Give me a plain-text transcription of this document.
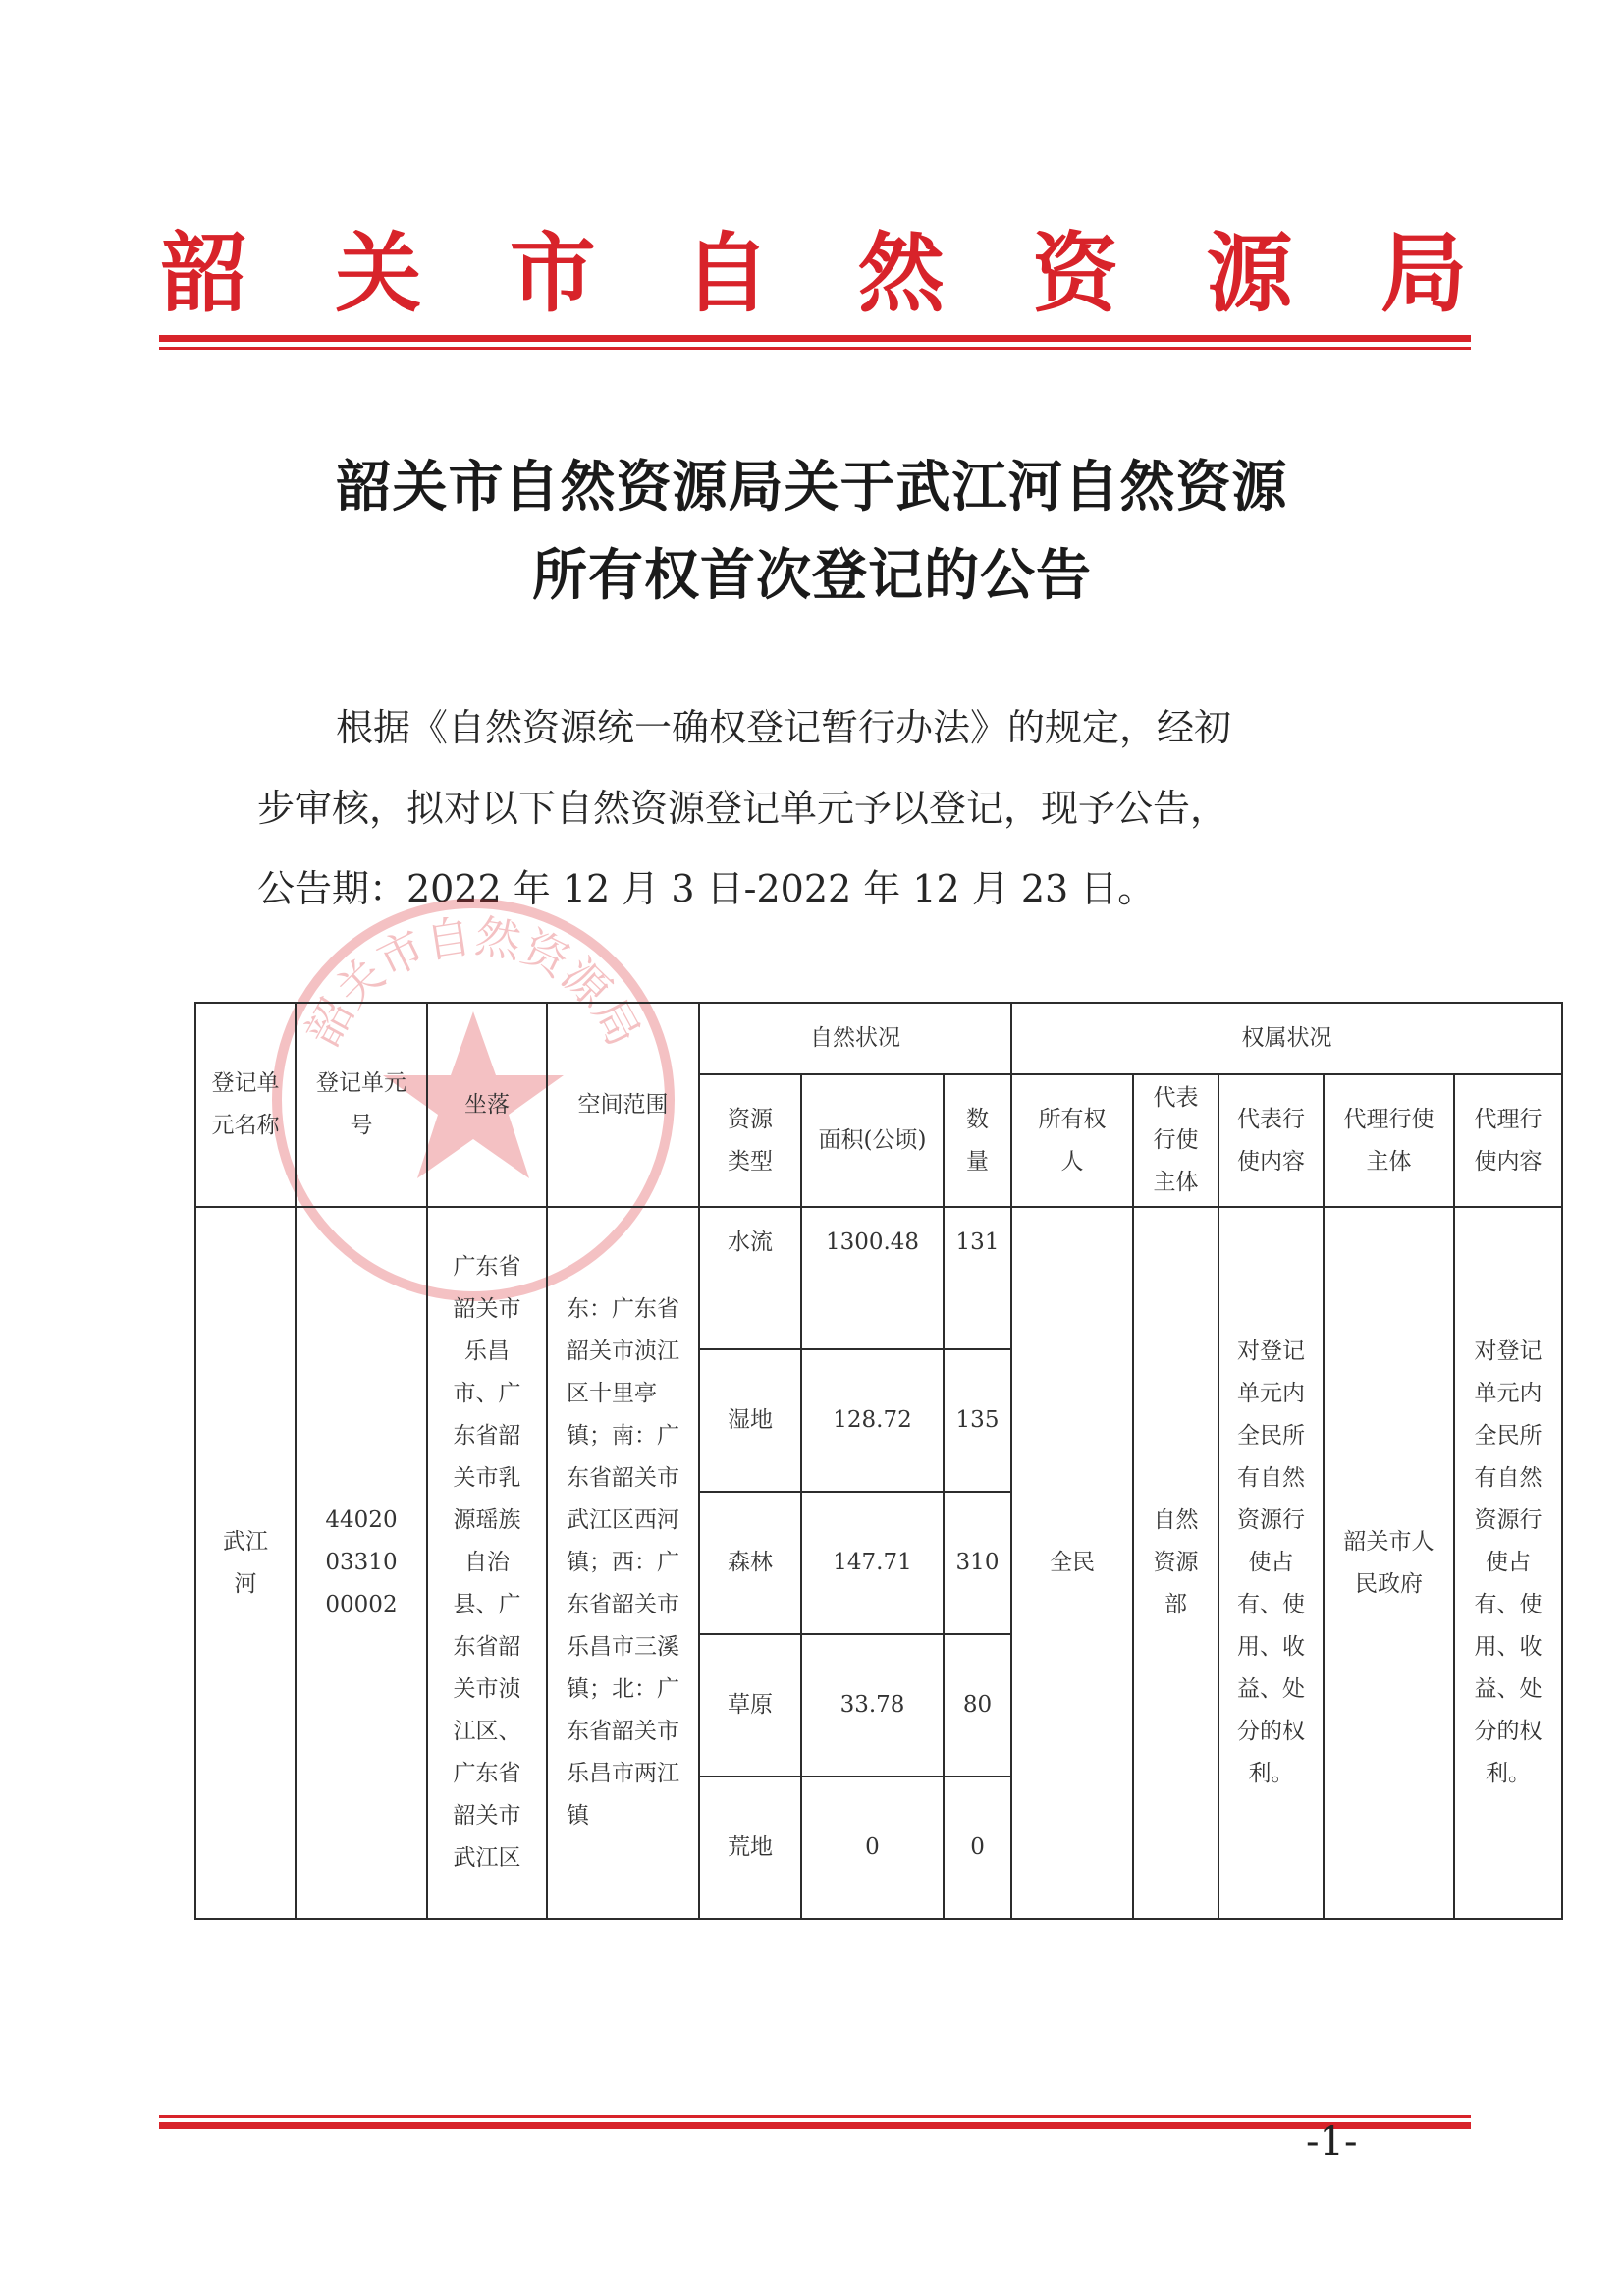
韶 关 市 自 然 资 源 局
韶关市自然资源局关于武江河自然资源
所有权首次登记的公告

根据《自然资源统一确权登记暂行办法》的规定，经初

步审核，拟对以下自然资源登记单元予以登记，现予公告，

公告期：2022 年 12 月 3 日-2022 年 12 月 23 日。

韶关市自然资源局
登记单元名称	登记单元号	坐落	空间范围	自然状况			权属状况				
				资源类型	面积(公顷)	数量	所有权人	代表行使主体	代表行使内容	代理行使主体	代理行使内容
武江河	440200331000002	广东省韶关市乐昌市、广东省韶关市乳源瑶族自治县、广东省韶关市浈江区、广东省韶关市武江区	东：广东省韶关市浈江区十里亭镇；南：广东省韶关市武江区西河镇；西：广东省韶关市乐昌市三溪镇；北：广东省韶关市乐昌市两江镇	水流	1300.48	131	全民	自然资源部	对登记单元内全民所有自然资源行使占有、使用、收益、处分的权利。	韶关市人民政府	对登记单元内全民所有自然资源行使占有、使用、收益、处分的权利。
				湿地	128.72	135					
				森林	147.71	310					
				草原	33.78	80					
				荒地	0	0					
-1-
